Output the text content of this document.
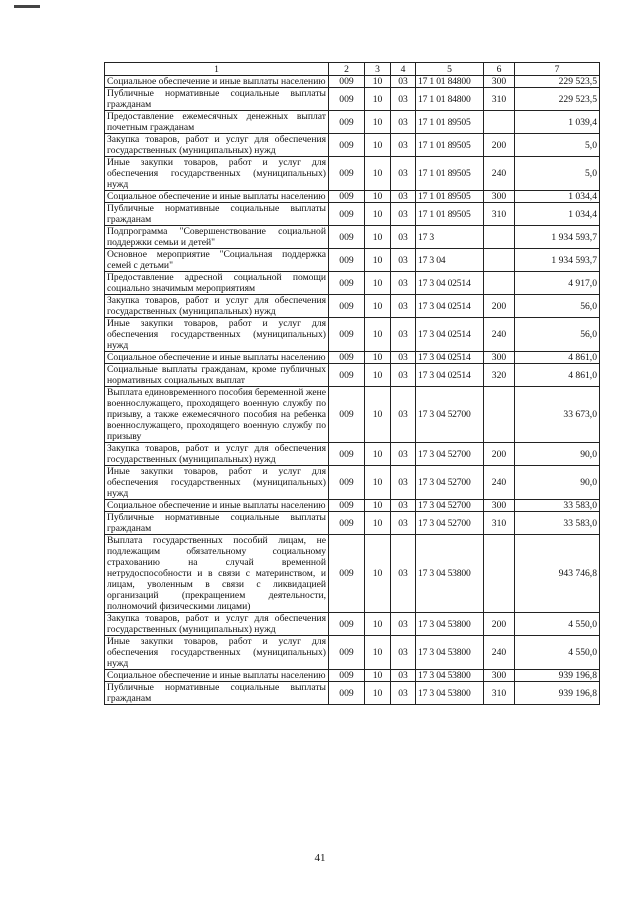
1	2	3	4	5	6	7
Социальное обеспечение и иные выплаты населению	009	10	03	17 1 01 84800	300	229 523,5
Публичные нормативные социальные выплаты гражданам	009	10	03	17 1 01 84800	310	229 523,5
Предоставление ежемесячных денежных выплат почетным гражданам	009	10	03	17 1 01 89505		1 039,4
Закупка товаров, работ и услуг для обеспечения государственных (муниципальных) нужд	009	10	03	17 1 01 89505	200	5,0
Иные закупки товаров, работ и услуг для обеспечения государственных (муниципальных) нужд	009	10	03	17 1 01 89505	240	5,0
Социальное обеспечение и иные выплаты населению	009	10	03	17 1 01 89505	300	1 034,4
Публичные нормативные социальные выплаты гражданам	009	10	03	17 1 01 89505	310	1 034,4
Подпрограмма "Совершенствование социальной поддержки семьи и детей"	009	10	03	17 3		1 934 593,7
Основное мероприятие "Социальная поддержка семей с детьми"	009	10	03	17 3 04		1 934 593,7
Предоставление адресной социальной помощи социально значимым мероприятиям	009	10	03	17 3 04 02514		4 917,0
Закупка товаров, работ и услуг для обеспечения государственных (муниципальных) нужд	009	10	03	17 3 04 02514	200	56,0
Иные закупки товаров, работ и услуг для обеспечения государственных (муниципальных) нужд	009	10	03	17 3 04 02514	240	56,0
Социальное обеспечение и иные выплаты населению	009	10	03	17 3 04 02514	300	4 861,0
Социальные выплаты гражданам, кроме публичных нормативных социальных выплат	009	10	03	17 3 04 02514	320	4 861,0
Выплата единовременного пособия беременной жене военнослужащего, проходящего военную службу по призыву, а также ежемесячного пособия на ребенка военнослужащего, проходящего военную службу по призыву	009	10	03	17 3 04 52700		33 673,0
Закупка товаров, работ и услуг для обеспечения государственных (муниципальных) нужд	009	10	03	17 3 04 52700	200	90,0
Иные закупки товаров, работ и услуг для обеспечения государственных (муниципальных) нужд	009	10	03	17 3 04 52700	240	90,0
Социальное обеспечение и иные выплаты населению	009	10	03	17 3 04 52700	300	33 583,0
Публичные нормативные социальные выплаты гражданам	009	10	03	17 3 04 52700	310	33 583,0
Выплата государственных пособий лицам, не подлежащим обязательному социальному страхованию на случай временной нетрудоспособности и в связи с материнством, и лицам, уволенным в связи с ликвидацией организаций (прекращением деятельности, полномочий физическими лицами)	009	10	03	17 3 04 53800		943 746,8
Закупка товаров, работ и услуг для обеспечения государственных (муниципальных) нужд	009	10	03	17 3 04 53800	200	4 550,0
Иные закупки товаров, работ и услуг для обеспечения государственных (муниципальных) нужд	009	10	03	17 3 04 53800	240	4 550,0
Социальное обеспечение и иные выплаты населению	009	10	03	17 3 04 53800	300	939 196,8
Публичные нормативные социальные выплаты гражданам	009	10	03	17 3 04 53800	310	939 196,8
41
